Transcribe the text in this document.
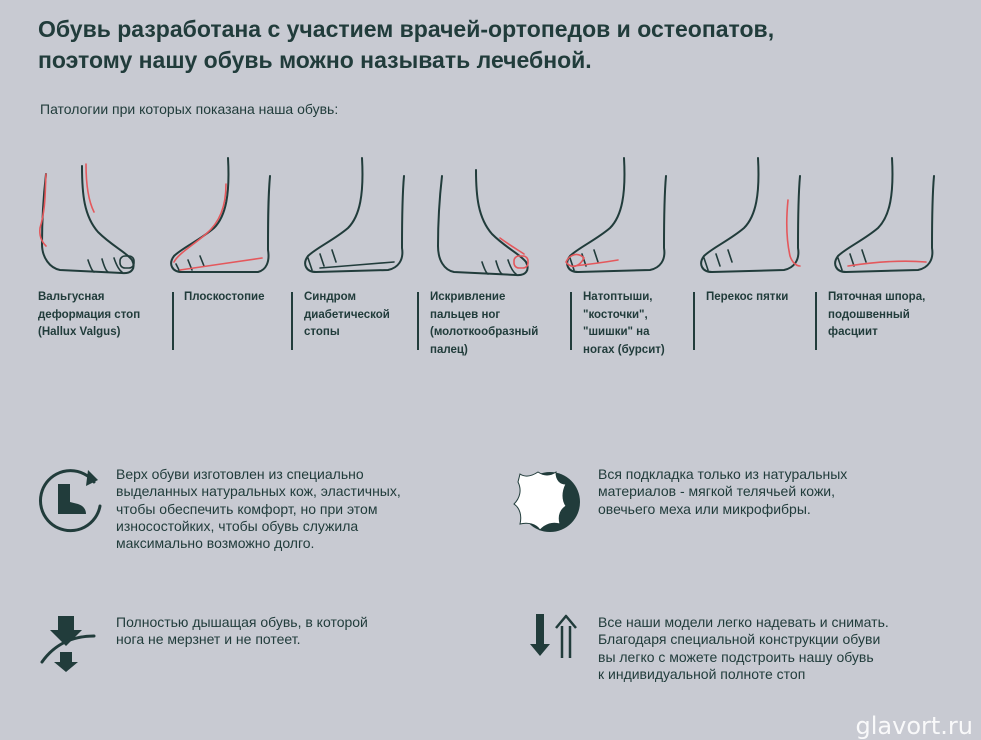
Обувь разработана с участием врачей-ортопедов и остеопатов,
поэтому нашу обувь можно называть лечебной.
Патологии при которых показана наша обувь:
Вальгусная
деформация стоп
(Hallux Valgus)
Плоскостопие	Синдром
диабетической
стопы
Искривление
пальцев ног
(молоткообразный
палец)
Натоптыши,
"косточки",
"шишки" на
ногах (бурсит)
Перекос пятки	Пяточная шпора,
подошвенный
фасциит
Верх обуви изготовлен из специально
выделанных натуральных кож, эластичных,
чтобы обеспечить комфорт, но при этом
износостойких, чтобы обувь служила
максимально возможно долго.
Вся подкладка только из натуральных
материалов - мягкой телячьей кожи,
овечьего меха или микрофибры.
Полностью дышащая обувь, в которой
нога не мерзнет и не потеет.
Все наши модели легко надевать и снимать.
Благодаря специальной конструкции обуви
вы легко с можете подстроить нашу обувь
к индивидуальной полноте стоп
glavort.ru
